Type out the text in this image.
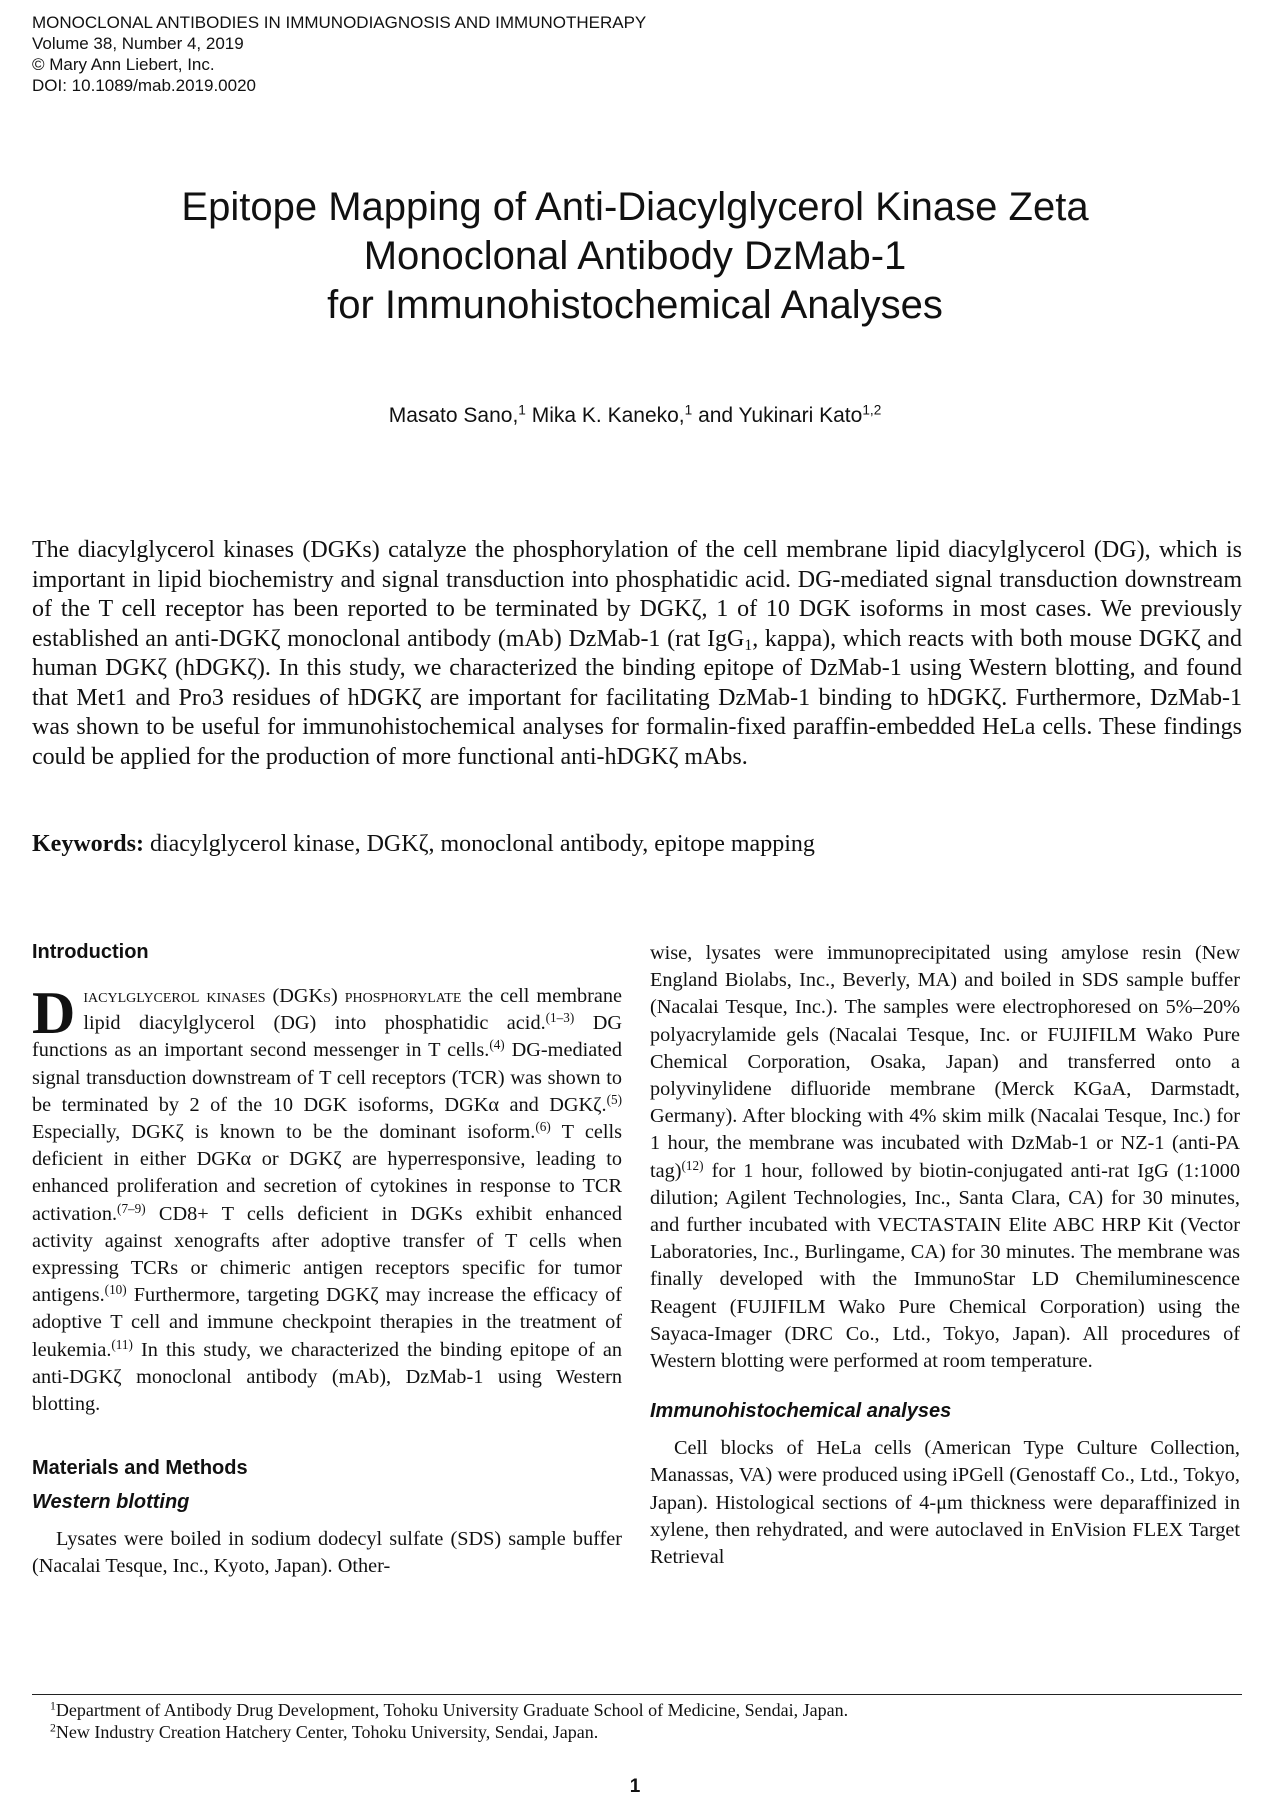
MONOCLONAL ANTIBODIES IN IMMUNODIAGNOSIS AND IMMUNOTHERAPY
Volume 38, Number 4, 2019
© Mary Ann Liebert, Inc.
DOI: 10.1089/mab.2019.0020
Epitope Mapping of Anti-Diacylglycerol Kinase Zeta
Monoclonal Antibody DzMab-1
for Immunohistochemical Analyses
Masato Sano,$^1$ Mika K. Kaneko,$^1$ and Yukinari Kato$^{1,2}$

The diacylglycerol kinases (DGKs) catalyze the phosphorylation of the cell membrane lipid diacylglycerol (DG), which is important in lipid biochemistry and signal transduction into phosphatidic acid. DG-mediated signal transduction downstream of the T cell receptor has been reported to be terminated by DGKζ, 1 of 10 DGK isoforms in most cases. We previously established an anti-DGKζ monoclonal antibody (mAb) DzMab-1 (rat IgG$_1$, kappa), which reacts with both mouse DGKζ and human DGKζ (hDGKζ). In this study, we characterized the binding epitope of DzMab-1 using Western blotting, and found that Met1 and Pro3 residues of hDGKζ are important for facilitating DzMab-1 binding to hDGKζ. Furthermore, DzMab-1 was shown to be useful for immunohistochemical analyses for formalin-fixed paraffin-embedded HeLa cells. These findings could be applied for the production of more functional anti-hDGKζ mAbs.

Keywords: diacylglycerol kinase, DGKζ, monoclonal antibody, epitope mapping
Introduction

Diacylglycerol kinases (DGKs) phosphorylate the cell membrane lipid diacylglycerol (DG) into phosphatidic acid.$^{(1-3)}$ DG functions as an important second messenger in T cells.$^{(4)}$ DG-mediated signal transduction downstream of T cell receptors (TCR) was shown to be terminated by 2 of the 10 DGK isoforms, DGKα and DGKζ.$^{(5)}$ Especially, DGKζ is known to be the dominant isoform.$^{(6)}$ T cells deficient in either DGKα or DGKζ are hyperresponsive, leading to enhanced proliferation and secretion of cytokines in response to TCR activation.$^{(7-9)}$ CD8+ T cells deficient in DGKs exhibit enhanced activity against xenografts after adoptive transfer of T cells when expressing TCRs or chimeric antigen receptors specific for tumor antigens.$^{(10)}$ Furthermore, targeting DGKζ may increase the efficacy of adoptive T cell and immune checkpoint therapies in the treatment of leukemia.$^{(11)}$ In this study, we characterized the binding epitope of an anti-DGKζ monoclonal antibody (mAb), DzMab-1 using Western blotting.

Materials and Methods
Western blotting

Lysates were boiled in sodium dodecyl sulfate (SDS) sample buffer (Nacalai Tesque, Inc., Kyoto, Japan). Other-

wise, lysates were immunoprecipitated using amylose resin (New England Biolabs, Inc., Beverly, MA) and boiled in SDS sample buffer (Nacalai Tesque, Inc.). The samples were electrophoresed on 5%–20% polyacrylamide gels (Nacalai Tesque, Inc. or FUJIFILM Wako Pure Chemical Corporation, Osaka, Japan) and transferred onto a polyvinylidene difluoride membrane (Merck KGaA, Darmstadt, Germany). After blocking with 4% skim milk (Nacalai Tesque, Inc.) for 1 hour, the membrane was incubated with DzMab-1 or NZ-1 (anti-PA tag)$^{(12)}$ for 1 hour, followed by biotin-conjugated anti-rat IgG (1:1000 dilution; Agilent Technologies, Inc., Santa Clara, CA) for 30 minutes, and further incubated with VECTASTAIN Elite ABC HRP Kit (Vector Laboratories, Inc., Burlingame, CA) for 30 minutes. The membrane was finally developed with the ImmunoStar LD Chemiluminescence Reagent (FUJIFILM Wako Pure Chemical Corporation) using the Sayaca-Imager (DRC Co., Ltd., Tokyo, Japan). All procedures of Western blotting were performed at room temperature.

Immunohistochemical analyses

Cell blocks of HeLa cells (American Type Culture Collection, Manassas, VA) were produced using iPGell (Genostaff Co., Ltd., Tokyo, Japan). Histological sections of 4-μm thickness were deparaffinized in xylene, then rehydrated, and were autoclaved in EnVision FLEX Target Retrieval

$^1$Department of Antibody Drug Development, Tohoku University Graduate School of Medicine, Sendai, Japan.
$^2$New Industry Creation Hatchery Center, Tohoku University, Sendai, Japan.
1
